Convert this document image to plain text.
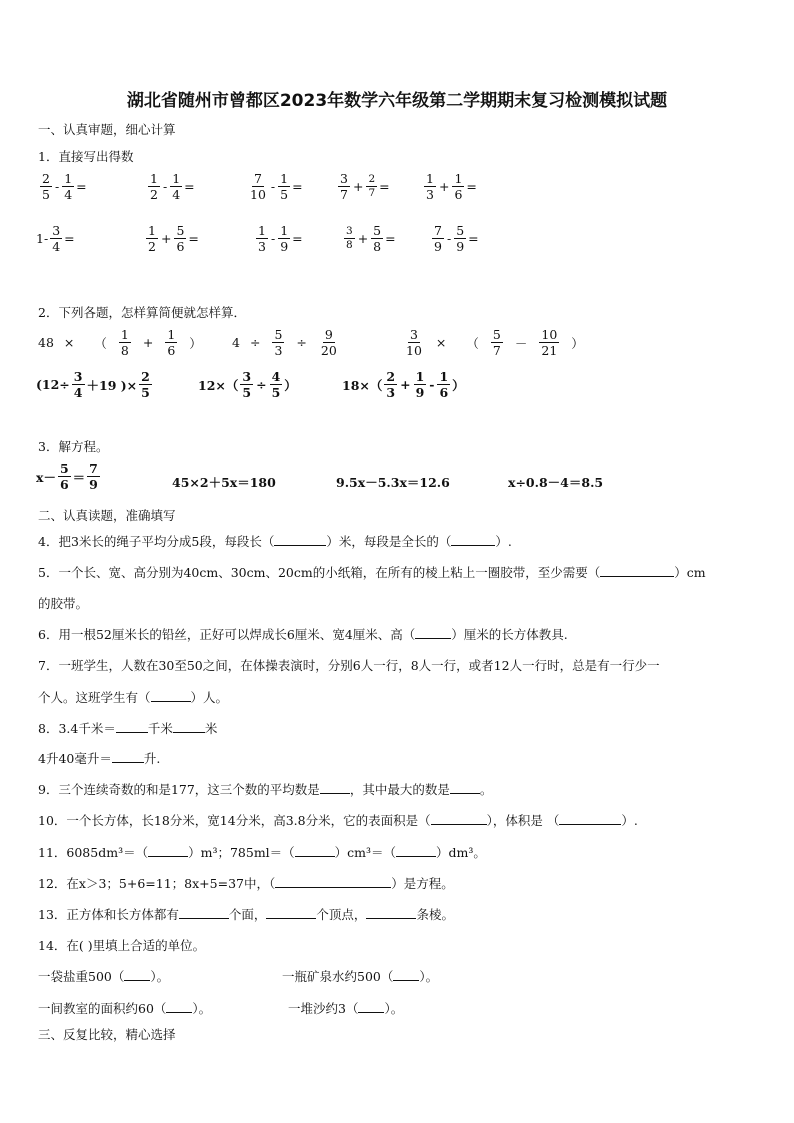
湖北省随州市曾都区2023年数学六年级第二学期期末复习检测模拟试题
一、认真审题，细心计算
1．直接写出得数
$\frac{2}{5} - \frac{1}{4}$ =	$\frac{1}{2} - \frac{1}{4}$ =	$\frac{7}{10} - \frac{1}{5}$ =	$\frac{3}{7} + \frac{2}{7}$ =	$\frac{1}{3} + \frac{1}{6}$ =
$1- \frac{3}{4}$ =	$\frac{1}{2} + \frac{5}{6}$ =	$\frac{1}{3} - \frac{1}{9}$ =	$\frac{3}{8} + \frac{5}{8}$ =	$\frac{7}{9} - \frac{5}{9}$ =
2．下列各题，怎样算简便就怎样算．
48 × （ $\frac{1}{8} + \frac{1}{6}$ ） $4 \div \frac{5}{3} \div \frac{9}{20}$	$\frac{3}{10}$ × （ $\frac{5}{7} - \frac{10}{21}$ ）
($12\div \frac{3}{4} +19$ )× $\frac{2}{5}$	$12\times( \frac{3}{5} \div \frac{4}{5}$ ）	$18\times( \frac{2}{3} + \frac{1}{9} - \frac{1}{6}$ ）
3．解方程。
$x- \frac{5}{6} = \frac{7}{9}$	45×2＋5x＝180	9.5x－5.3x＝12.6	x÷0.8－4＝8.5
二、认真读题，准确填写
4．把3米长的绳子平均分成5段，每段长（	）米，每段是全长的（	）.
5．一个长、宽、高分别为40cm、30cm、20cm的小纸箱，在所有的棱上粘上一圈胶带，至少需要（	）cm
的胶带。
6．用一根52厘米长的铅丝，正好可以焊成长6厘米、宽4厘米、高（	）厘米的长方体教具.
7．一班学生，人数在30至50之间，在体操表演时，分别6人一行，8人一行，或者12人一行时，总是有一行少一
个人。这班学生有（	）人。
8．3.4千米＝	千米	米
4升40毫升＝	升.
9．三个连续奇数的和是177，这三个数的平均数是 ，其中最大的数是 。
10．一个长方体，长18分米，宽14分米，高3.8分米，它的表面积是（	），体积是 （	）.
11．6085dm³＝（	）m³；785ml＝（	）cm³＝（	）dm³。
12．在x＞3；5+6=11；8x+5=37中，（	）是方程。
13．正方体和长方体都有	个面，	个顶点，	条棱。
14．在( )里填上合适的单位。
一袋盐重500（ ）。	一瓶矿泉水约500（ ）。
一间教室的面积约60（ ）。	一堆沙约3（ ）。
三、反复比较，精心选择
